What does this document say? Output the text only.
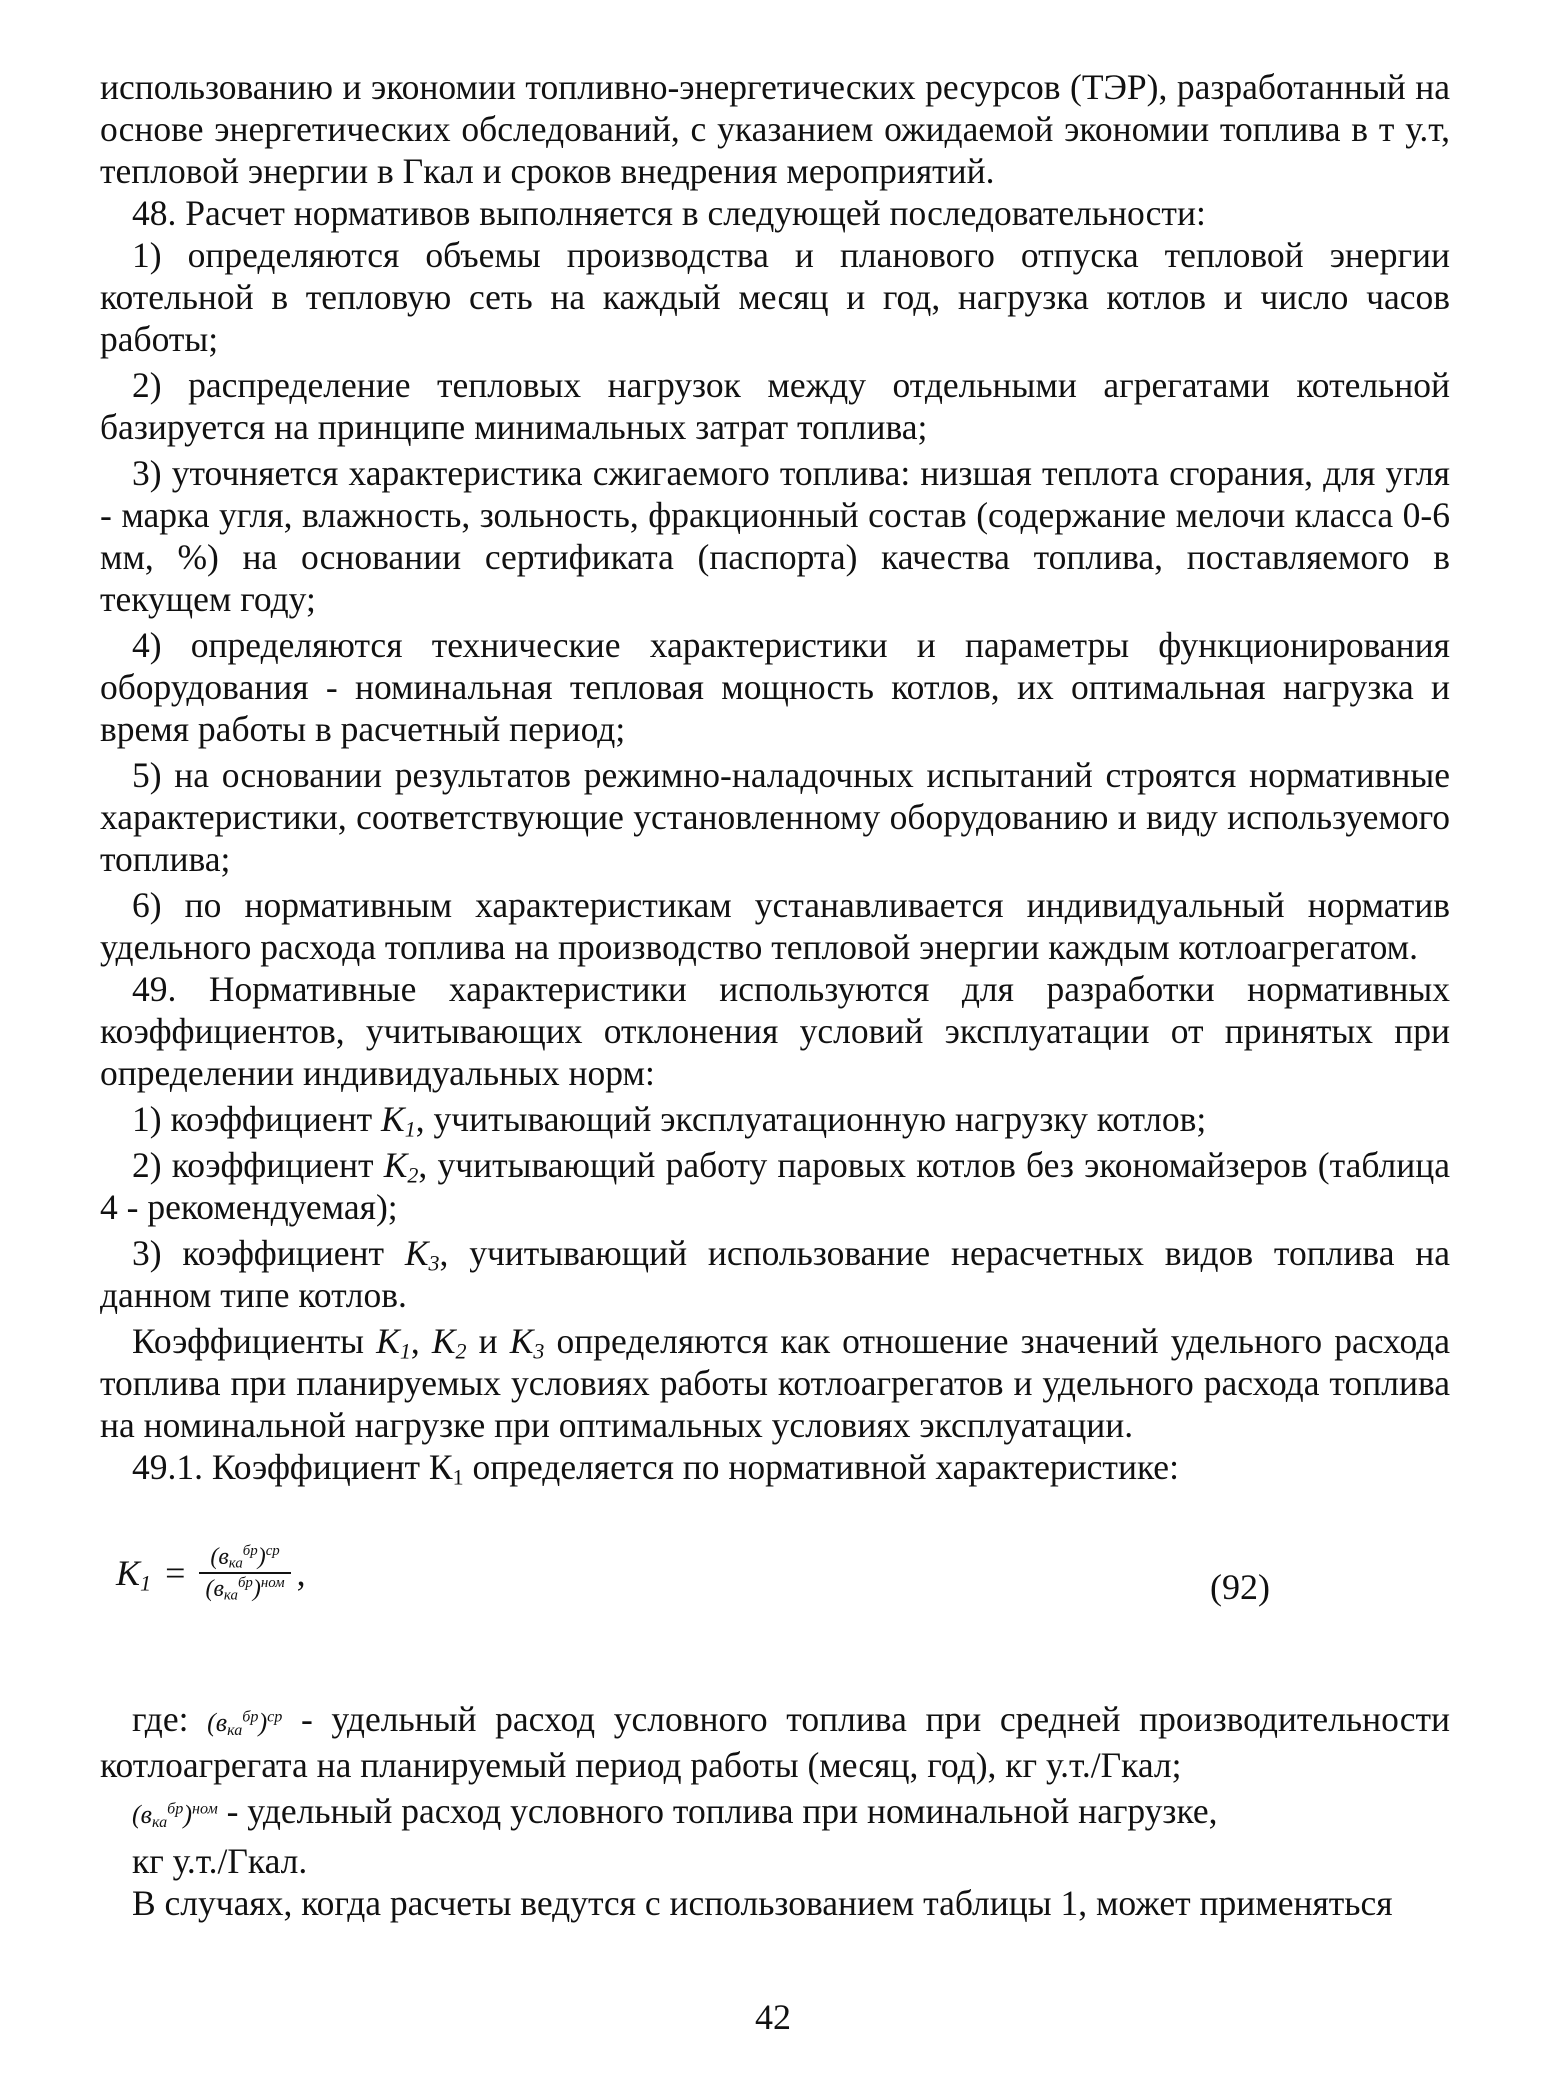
использованию и экономии топливно-энергетических ресурсов (ТЭР), разработанный на основе энергетических обследований, с указанием ожидаемой экономии топлива в т у.т, тепловой энергии в Гкал и сроков внедрения мероприятий.

48. Расчет нормативов выполняется в следующей последовательности:

1) определяются объемы производства и планового отпуска тепловой энергии котельной в тепловую сеть на каждый месяц и год, нагрузка котлов и число часов работы;

2) распределение тепловых нагрузок между отдельными агрегатами котельной базируется на принципе минимальных затрат топлива;

3) уточняется характеристика сжигаемого топлива: низшая теплота сгорания, для угля - марка угля, влажность, зольность, фракционный состав (содержание мелочи класса 0-6 мм, %) на основании сертификата (паспорта) качества топлива, поставляемого в текущем году;

4) определяются технические характеристики и параметры функционирования оборудования - номинальная тепловая мощность котлов, их оптимальная нагрузка и время работы в расчетный период;

5) на основании результатов режимно-наладочных испытаний строятся нормативные характеристики, соответствующие установленному оборудованию и виду используемого топлива;

6) по нормативным характеристикам устанавливается индивидуальный норматив удельного расхода топлива на производство тепловой энергии каждым котлоагрегатом.

49. Нормативные характеристики используются для разработки нормативных коэффициентов, учитывающих отклонения условий эксплуатации от принятых при определении индивидуальных норм:

1) коэффициент $K_1$, учитывающий эксплуатационную нагрузку котлов;

2) коэффициент $K_2$, учитывающий работу паровых котлов без экономайзеров (таблица 4 - рекомендуемая);

3) коэффициент $K_3$, учитывающий использование нерасчетных видов топлива на данном типе котлов.

Коэффициенты $K_1$, $K_2$ и $K_3$ определяются как отношение значений удельного расхода топлива при планируемых условиях работы котлоагрегатов и удельного расхода топлива на номинальной нагрузке при оптимальных условиях эксплуатации.

49.1. Коэффициент $К_1$ определяется по нормативной характеристике:

$K_1 = \frac{(в_{ка}^{бр})^{ср}}{(в_{ка}^{бр})^{ном}}$ ,	(92)

где: $(в_{ка}^{бр})^{ср}$ - удельный расход условного топлива при средней производительности котлоагрегата на планируемый период работы (месяц, год), кг у.т./Гкал;

$(в_{ка}^{бр})^{ном}$ - удельный расход условного топлива при номинальной нагрузке,

кг у.т./Гкал.

В случаях, когда расчеты ведутся с использованием таблицы 1, может применяться

42
